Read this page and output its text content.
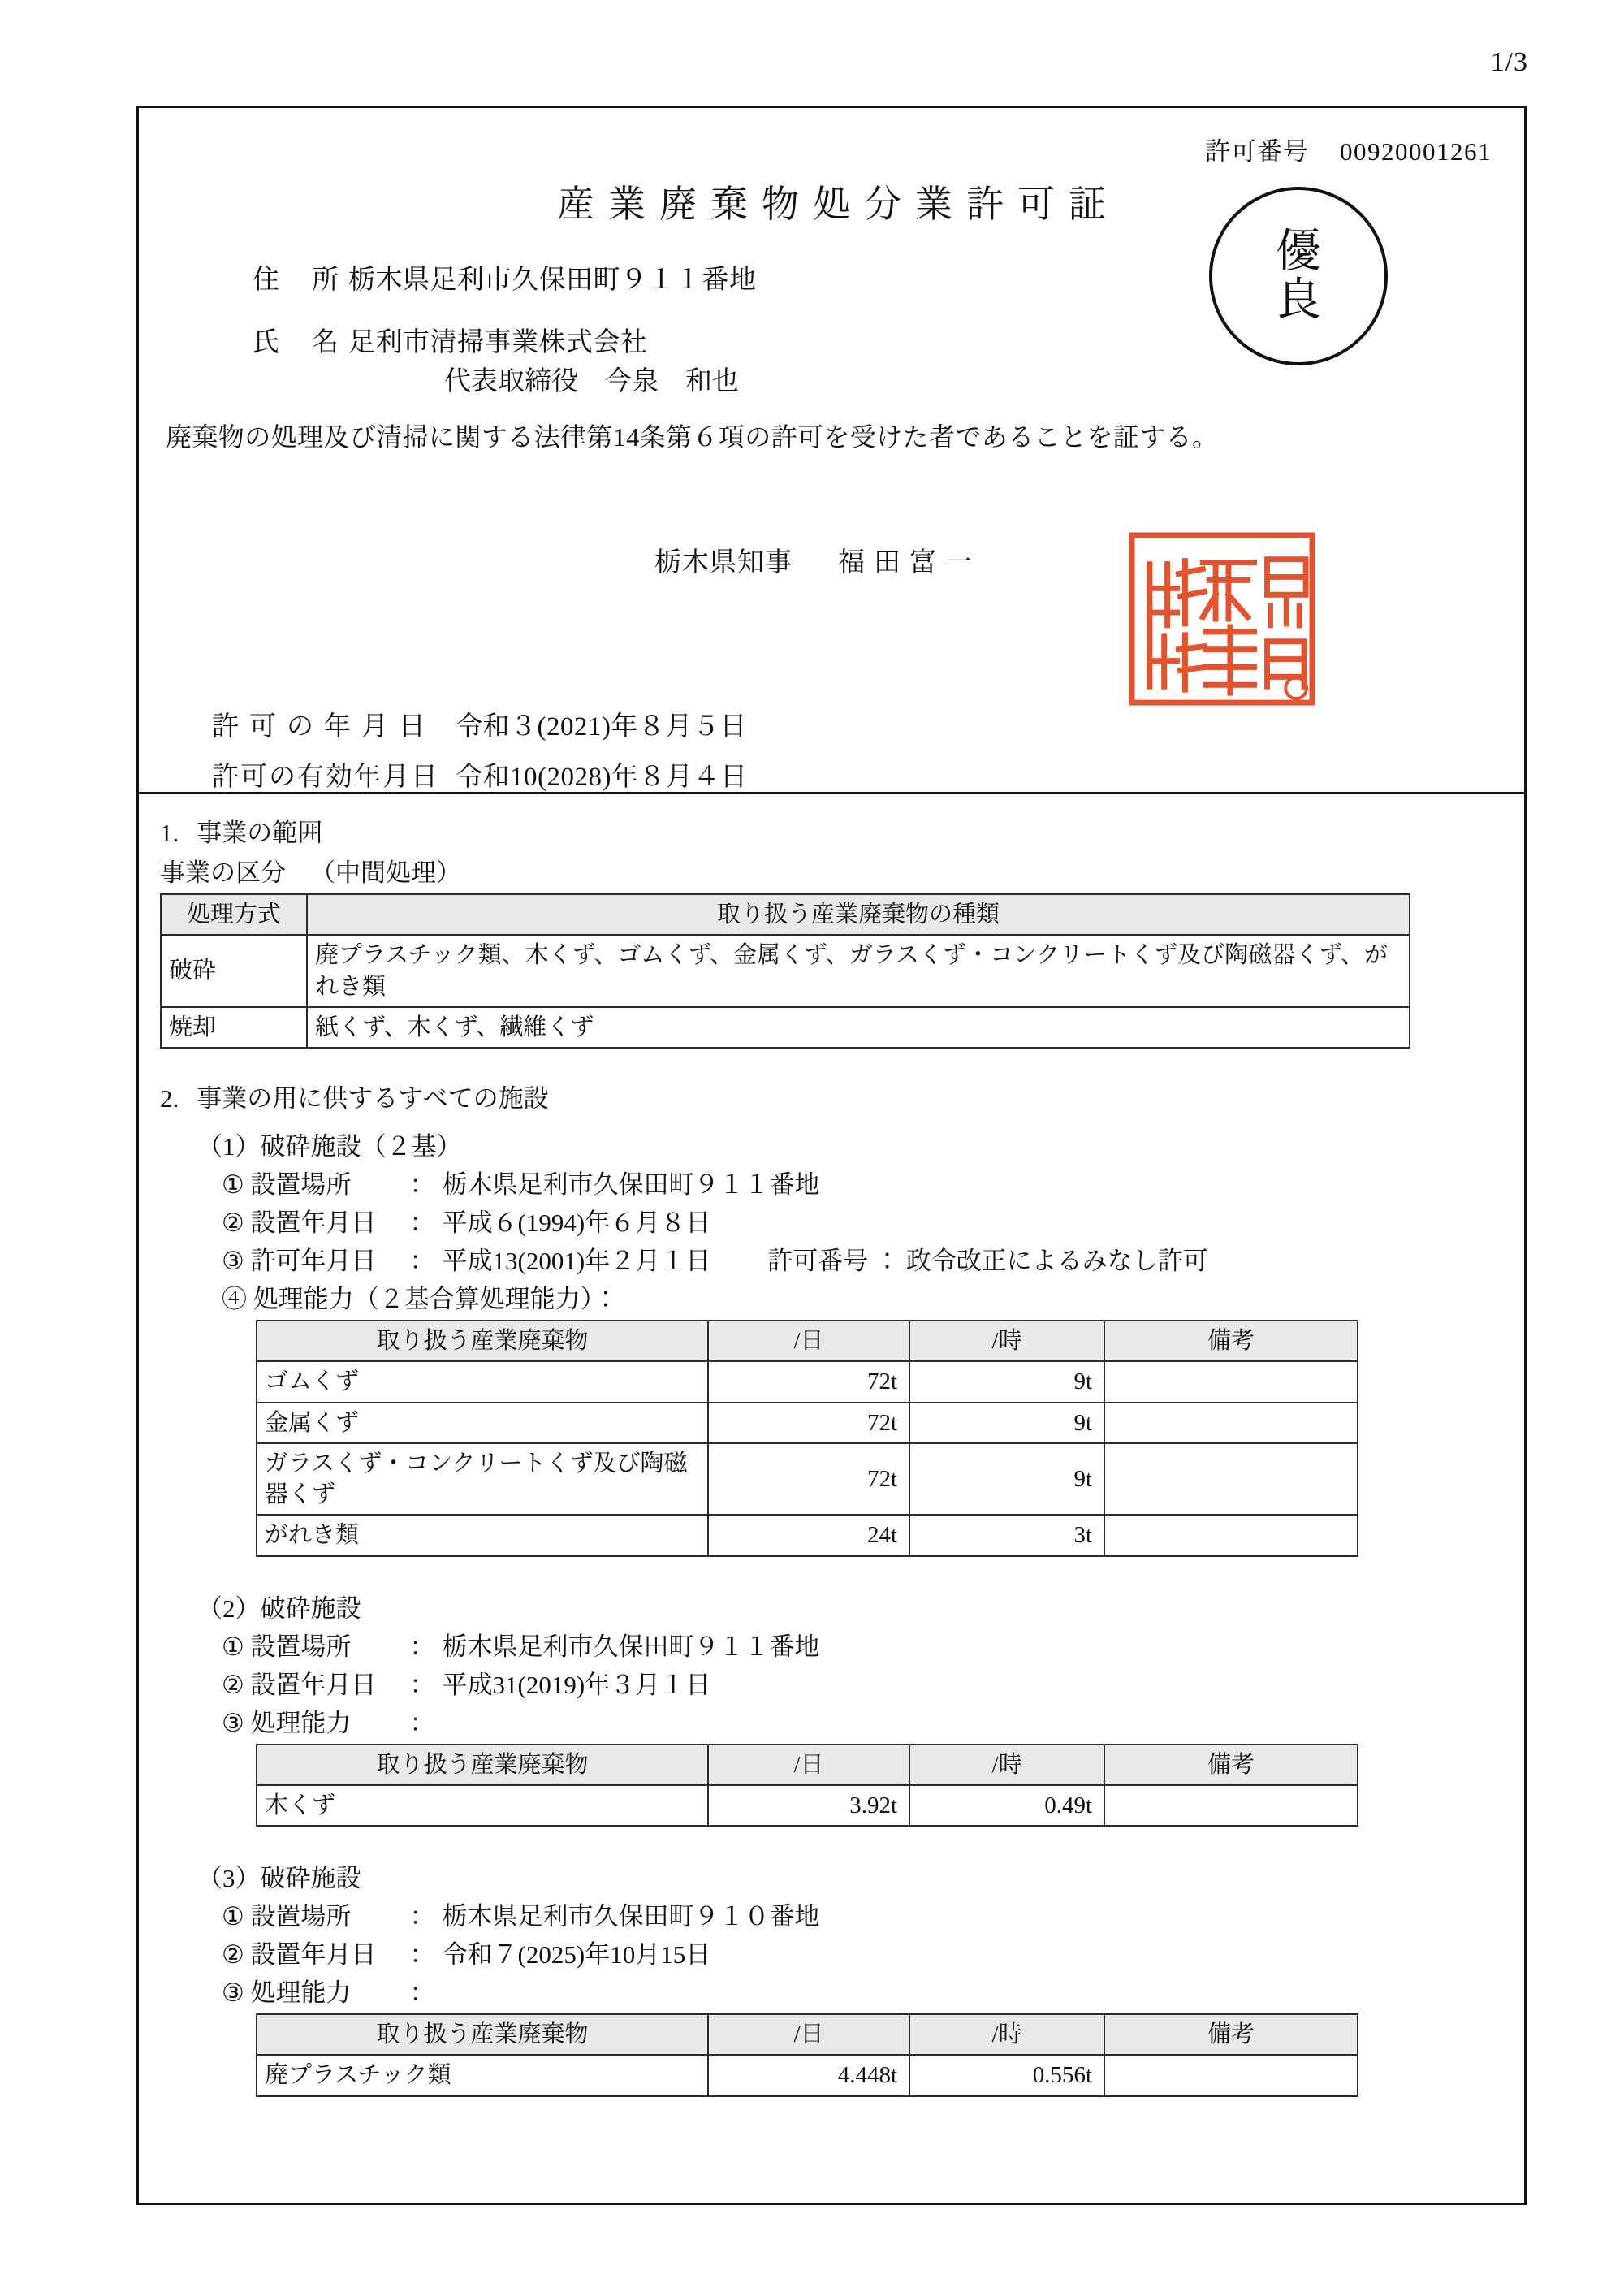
1/3
許可番号 00920001261
産業廃棄物処分業許可証
優
良
住 所栃木県足利市久保田町９１１番地
氏 名足利市清掃事業株式会社
代表取締役　今泉　和也
廃棄物の処理及び清掃に関する法律第14条第６項の許可を受けた者であることを証する。
栃木県知事 福田富一
許可の年月日 令和３(2021)年８月５日
許可の有効年月日 令和10(2028)年８月４日

1. 事業の範囲

事業の区分 （中間処理）

処理方式	取り扱う産業廃棄物の種類
破砕	廃プラスチック類、木くず、ゴムくず、金属くず、ガラスくず・コンクリートくず及び陶磁器くず、がれき類
焼却	紙くず、木くず、繊維くず

2. 事業の用に供するすべての施設

（1）破砕施設（２基）

① 設置場所 ： 栃木県足利市久保田町９１１番地

② 設置年月日 ： 平成６(1994)年６月８日

③ 許可年月日 ： 平成13(2001)年２月１日 許可番号 ： 政令改正によるみなし許可

④ 処理能力（２基合算処理能力）：

取り扱う産業廃棄物	/日	/時	備考
ゴムくず	72t	9t	
金属くず	72t	9t	
ガラスくず・コンクリートくず及び陶磁器くず	72t	9t	
がれき類	24t	3t	

（2）破砕施設

① 設置場所 ： 栃木県足利市久保田町９１１番地

② 設置年月日 ： 平成31(2019)年３月１日

③ 処理能力 ：

取り扱う産業廃棄物	/日	/時	備考
木くず	3.92t	0.49t	

（3）破砕施設

① 設置場所 ： 栃木県足利市久保田町９１０番地

② 設置年月日 ： 令和７(2025)年10月15日

③ 処理能力 ：

取り扱う産業廃棄物	/日	/時	備考
廃プラスチック類	4.448t	0.556t	
